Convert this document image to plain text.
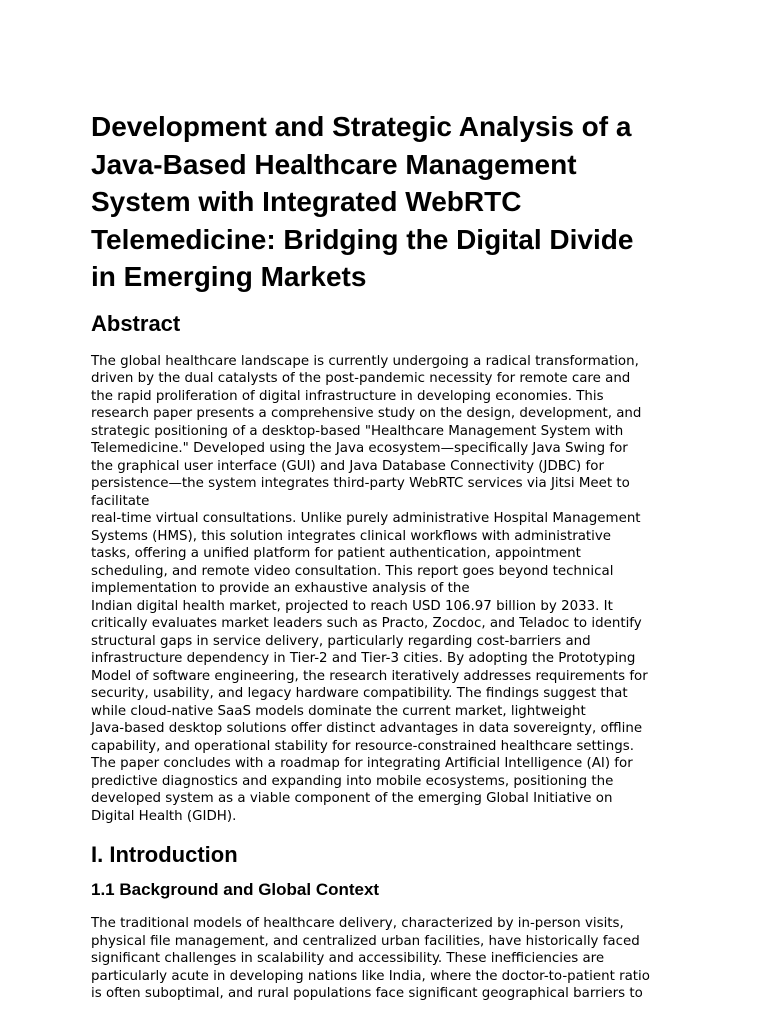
Development and Strategic Analysis of a
Java-Based Healthcare Management
System with Integrated WebRTC
Telemedicine: Bridging the Digital Divide
in Emerging Markets
Abstract

The global healthcare landscape is currently undergoing a radical transformation,
driven by the dual catalysts of the post-pandemic necessity for remote care and
the rapid proliferation of digital infrastructure in developing economies. This
research paper presents a comprehensive study on the design, development, and
strategic positioning of a desktop-based "Healthcare Management System with
Telemedicine." Developed using the Java ecosystem—specifically Java Swing for
the graphical user interface (GUI) and Java Database Connectivity (JDBC) for
persistence—the system integrates third-party WebRTC services via Jitsi Meet to
facilitate
real-time virtual consultations. Unlike purely administrative Hospital Management
Systems (HMS), this solution integrates clinical workflows with administrative
tasks, offering a unified platform for patient authentication, appointment
scheduling, and remote video consultation. This report goes beyond technical
implementation to provide an exhaustive analysis of the
Indian digital health market, projected to reach USD 106.97 billion by 2033. It
critically evaluates market leaders such as Practo, Zocdoc, and Teladoc to identify
structural gaps in service delivery, particularly regarding cost-barriers and
infrastructure dependency in Tier-2 and Tier-3 cities. By adopting the Prototyping
Model of software engineering, the research iteratively addresses requirements for
security, usability, and legacy hardware compatibility. The findings suggest that
while cloud-native SaaS models dominate the current market, lightweight
Java-based desktop solutions offer distinct advantages in data sovereignty, offline
capability, and operational stability for resource-constrained healthcare settings.
The paper concludes with a roadmap for integrating Artificial Intelligence (AI) for
predictive diagnostics and expanding into mobile ecosystems, positioning the
developed system as a viable component of the emerging Global Initiative on
Digital Health (GIDH).

I. Introduction
1.1 Background and Global Context

The traditional models of healthcare delivery, characterized by in-person visits,
physical file management, and centralized urban facilities, have historically faced
significant challenges in scalability and accessibility. These inefficiencies are
particularly acute in developing nations like India, where the doctor-to-patient ratio
is often suboptimal, and rural populations face significant geographical barriers to
